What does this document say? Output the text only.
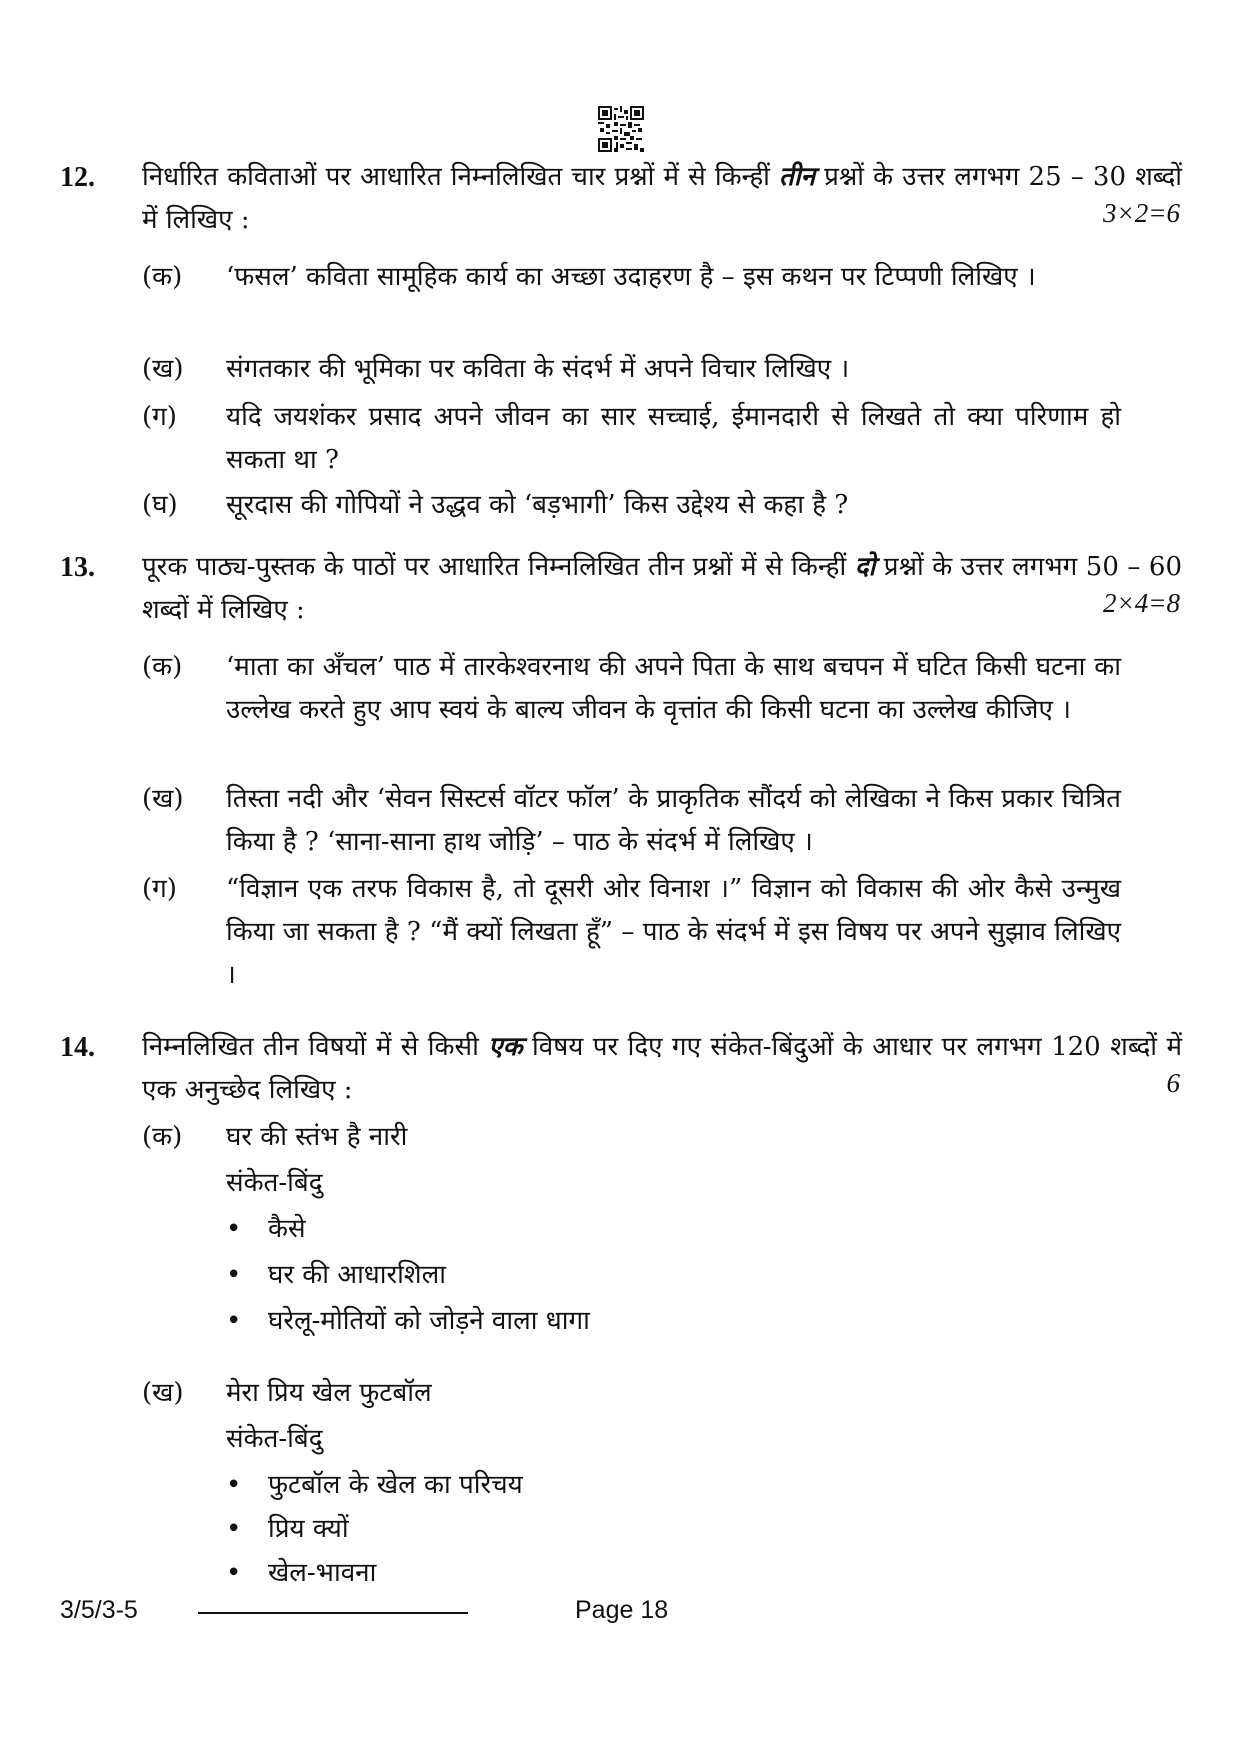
12. निर्धारित कविताओं पर आधारित निम्नलिखित चार प्रश्नों में से किन्हीं तीन प्रश्नों के उत्तर लगभग 25 – 30 शब्दों में लिखिए :	3×2=6
(क) ‘फसल’ कविता सामूहिक कार्य का अच्छा उदाहरण है – इस कथन पर टिप्पणी लिखिए ।
(ख) संगतकार की भूमिका पर कविता के संदर्भ में अपने विचार लिखिए ।
(ग) यदि जयशंकर प्रसाद अपने जीवन का सार सच्चाई, ईमानदारी से लिखते तो क्या परिणाम हो सकता था ?
(घ) सूरदास की गोपियों ने उद्धव को ‘बड़भागी’ किस उद्देश्य से कहा है ?
13. पूरक पाठ्य-पुस्तक के पाठों पर आधारित निम्नलिखित तीन प्रश्नों में से किन्हीं दो प्रश्नों के उत्तर लगभग 50 – 60 शब्दों में लिखिए :	2×4=8
(क) ‘माता का अँचल’ पाठ में तारकेश्वरनाथ की अपने पिता के साथ बचपन में घटित किसी घटना का उल्लेख करते हुए आप स्वयं के बाल्य जीवन के वृत्तांत की किसी घटना का उल्लेख कीजिए ।
(ख) तिस्ता नदी और ‘सेवन सिस्टर्स वॉटर फॉल’ के प्राकृतिक सौंदर्य को लेखिका ने किस प्रकार चित्रित किया है ? ‘साना-साना हाथ जोड़ि’ – पाठ के संदर्भ में लिखिए ।
(ग) “विज्ञान एक तरफ विकास है, तो दूसरी ओर विनाश ।” विज्ञान को विकास की ओर कैसे उन्मुख किया जा सकता है ? “मैं क्यों लिखता हूँ” – पाठ के संदर्भ में इस विषय पर अपने सुझाव लिखिए ।
14. निम्नलिखित तीन विषयों में से किसी एक विषय पर दिए गए संकेत-बिंदुओं के आधार पर लगभग 120 शब्दों में एक अनुच्छेद लिखिए :	6
(क) घर की स्तंभ है नारी
संकेत-बिंदु
• कैसे
• घर की आधारशिला
• घरेलू-मोतियों को जोड़ने वाला धागा
(ख) मेरा प्रिय खेल फुटबॉल
संकेत-बिंदु
• फुटबॉल के खेल का परिचय
• प्रिय क्यों
• खेल-भावना
3/5/3-5	Page 18
